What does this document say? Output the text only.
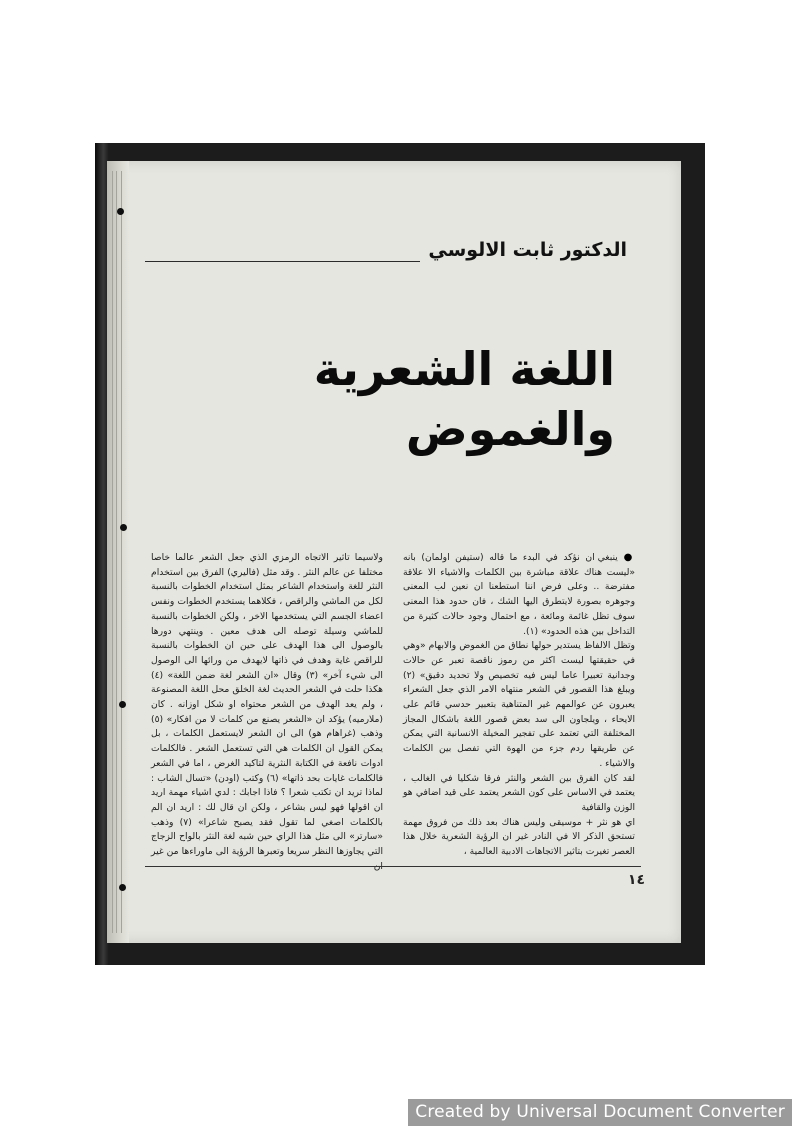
الدكتور ثابت الالوسي
اللغة الشعرية والغموض

● ينبغي ان نؤكد في البدء ما قاله (ستيفن اولمان) بانه «ليست هناك علاقة مباشرة بين الكلمات والاشياء الا علاقة مفترضة .. وعلى فرض اننا استطعنا ان نعين لب المعنى وجوهره بصورة لايتطرق اليها الشك ، فان حدود هذا المعنى سوف تظل غائمة ومائعة ، مع احتمال وجود حالات كثيرة من التداخل بين هذه الحدود» (١).

وتظل الالفاظ يستدير حولها نطاق من الغموض والابهام «وهي في حقيقتها ليست اكثر من رموز ناقصة تعبر عن حالات وجدانية تعبيرا عاما ليس فيه تخصيص ولا تحديد دقيق» (٢) ويبلغ هذا القصور في الشعر منتهاه الامر الذي جعل الشعراء يعبرون عن عوالمهم غير المتناهية بتعبير حدسي قائم على الايحاء ، ويلجاون الى سد بعض قصور اللغة باشكال المجاز المختلفة التي تعتمد على تفجير المخيلة الانسانية التي يمكن عن طريقها ردم جزء من الهوة التي تفصل بين الكلمات والاشياء .

لقد كان الفرق بين الشعر والنثر فرقا شكليا في الغالب ، يعتمد في الاساس على كون الشعر يعتمد على قيد اضافي هو الوزن والقافية

اي هو نثر + موسيقى وليس هناك بعد ذلك من فروق مهمة تستحق الذكر الا في النادر غير ان الرؤية الشعرية خلال هذا العصر تغيرت بتاثير الاتجاهات الادبية العالمية ،

ولاسيما تاثير الاتجاه الرمزي الذي جعل الشعر عالما خاصا مختلفا عن عالم النثر . وقد مثل (فاليري) الفرق بين استخدام النثر للغة واستخدام الشاعر بمثل استخدام الخطوات بالنسبة لكل من الماشي والراقص ، فكلاهما يستخدم الخطوات ونفس اعضاء الجسم التي يستخدمها الاخر ، ولكن الخطوات بالنسبة للماشي وسيلة توصله الى هدف معين . وينتهي دورها بالوصول الى هذا الهدف على حين ان الخطوات بالنسبة للراقص غاية وهدف في ذاتها لايهدف من ورائها الى الوصول الى شيء آخر» (٣) وقال «ان الشعر لغة ضمن اللغة» (٤) هكذا حلت في الشعر الحديث لغة الخلق محل اللغة المصنوعة ، ولم يعد الهدف من الشعر محتواه او شكل اوزانه . كان (ملارميه) يؤكد ان «الشعر يصنع من كلمات لا من افكار» (٥) وذهب (غراهام هو) الى ان الشعر لايستعمل الكلمات ، بل يمكن القول ان الكلمات هي التي تستعمل الشعر . فالكلمات ادوات نافعة في الكتابة النثرية لتاكيد الغرض ، اما في الشعر فالكلمات غايات بحد ذاتها» (٦) وكتب (اودن) «تسال الشاب : لماذا تريد ان تكتب شعرا ؟ فاذا اجابك : لدي اشياء مهمة اريد ان اقولها فهو ليس بشاعر ، ولكن ان قال لك : اريد ان الم بالكلمات اصغي لما تقول فقد يصبح شاعرا» (٧) وذهب «سارتر» الى مثل هذا الراي حين شبه لغة النثر بالواح الزجاج التي يجاوزها النظر سريعا وتعبرها الرؤية الى ماوراءها من غير ان

١٤
Created by Universal Document Converter
